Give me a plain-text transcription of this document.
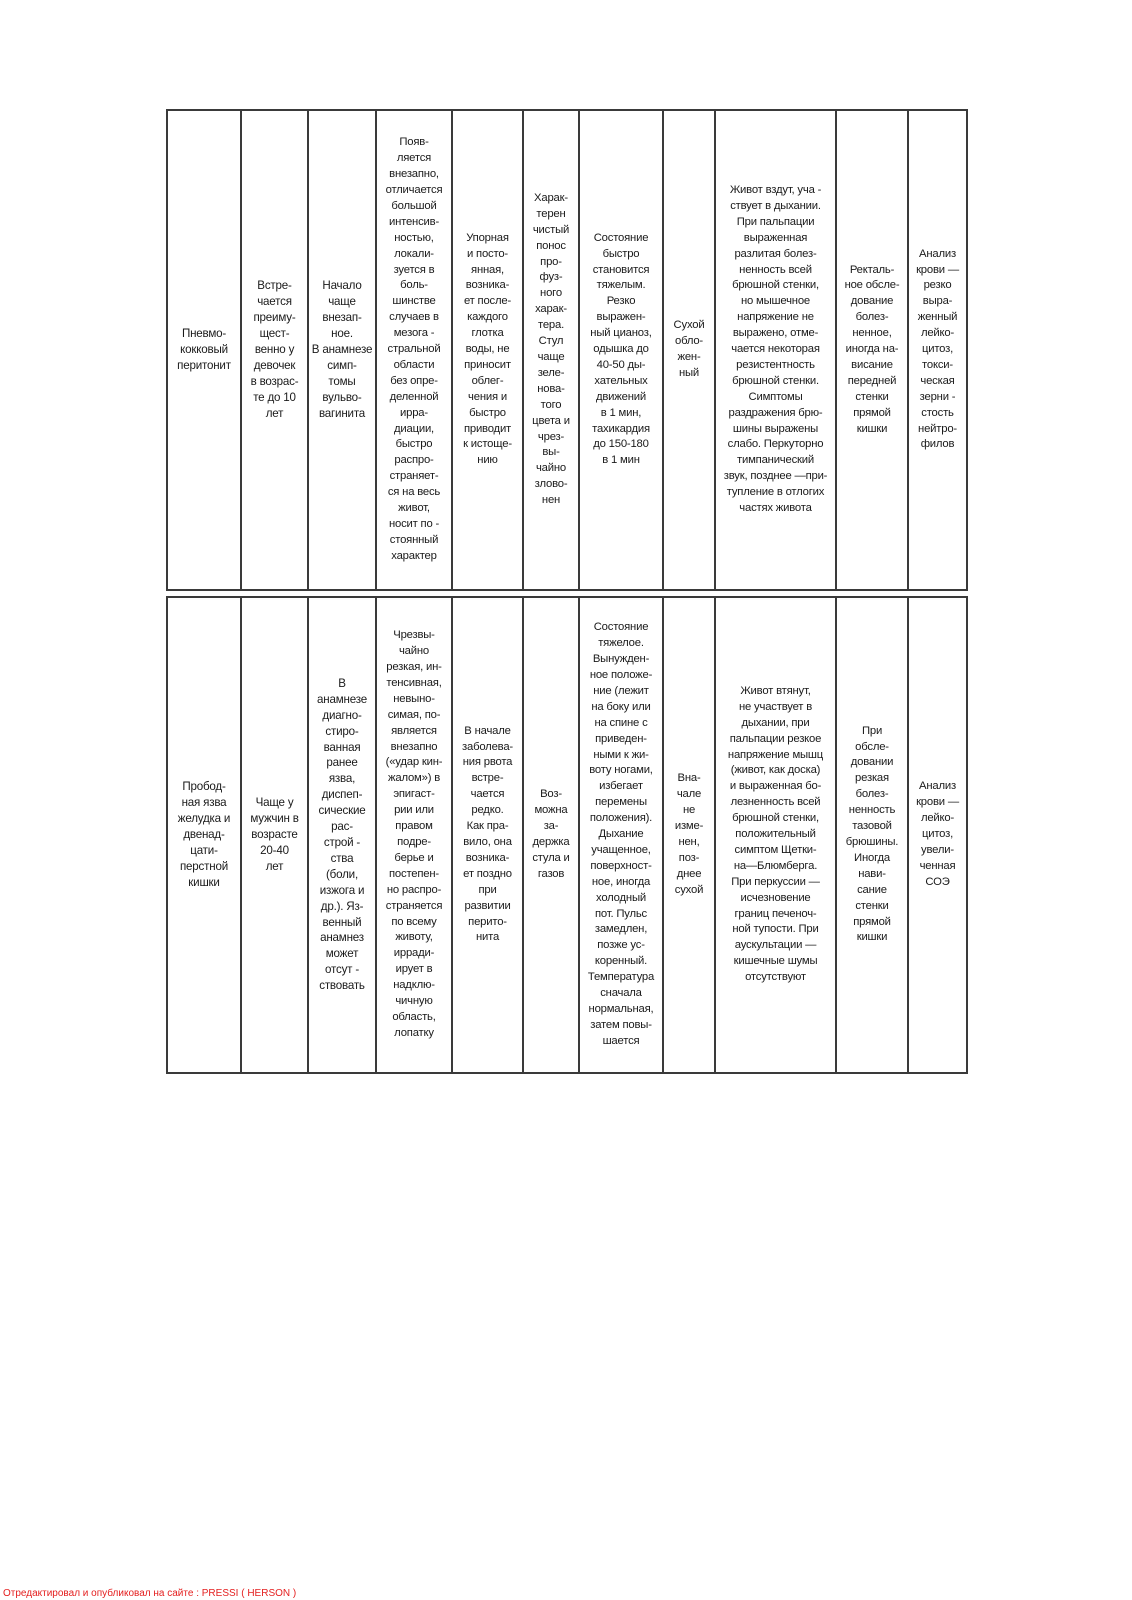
Пневмо-
кокковый
перитонит	Встре-
чается
преиму-
щест-
венно у
девочек
в возрас-
те до 10
лет	Начало
чаще
внезап-
ное.
В анамнезе
симп-
томы
вульво-
вагинита	Появ-
ляется
внезапно,
отличается
большой
интенсив-
ностью,
локали-
зуется в
боль-
шинстве
случаев в
мезога -
стральной
области
без опре-
деленной
ирра-
диации,
быстро
распро-
страняет-
ся на весь
живот,
носит по -
стоянный
характер	Упорная
и посто-
янная,
возника-
ет после-
каждого
глотка
воды, не
приносит
облег-
чения и
быстро
приводит
к истоще-
нию	Харак-
терен
чистый
понос
про-
фуз-
ного
харак-
тера.
Стул
чаще
зеле-
нова-
того
цвета и
чрез-
вы-
чайно
злово-
нен	Состояние
быстро
становится
тяжелым.
Резко
выражен-
ный цианоз,
одышка до
40-50 ды-
хательных
движений
в 1 мин,
тахикардия
до 150-180
в 1 мин	Сухой
обло-
жен-
ный	Живот вздут, уча -
ствует в дыхании.
При пальпации
выраженная
разлитая болез-
ненность всей
брюшной стенки,
но мышечное
напряжение не
выражено, отме-
чается некоторая
резистентность
брюшной стенки.
Симптомы
раздражения брю-
шины выражены
слабо. Перкуторно
тимпанический
звук, позднее —при-
тупление в отлогих
частях живота	Ректаль-
ное обсле-
дование
болез-
ненное,
иногда на-
висание
передней
стенки
прямой
кишки	Анализ
крови —
резко
выра-
женный
лейко-
цитоз,
токси-
ческая
зерни -
стость
нейтро-
филов
Пробод-
ная язва
желудка и
двенад-
цати-
перстной
кишки	Чаще у
мужчин в
возрасте
20-40
лет	В
анамнезе
диагно-
стиро-
ванная
ранее
язва,
диспеп-
сические
рас-
строй -
ства
(боли,
изжога и
др.). Яз-
венный
анамнез
может
отсут -
ствовать	Чрезвы-
чайно
резкая, ин-
тенсивная,
невыно-
симая, по-
является
внезапно
(«удар кин-
жалом») в
эпигаст-
рии или
правом
подре-
берье и
постепен-
но распро-
страняется
по всему
животу,
ирради-
ирует в
надклю-
чичную
область,
лопатку	В начале
заболева-
ния рвота
встре-
чается
редко.
Как пра-
вило, она
возника-
ет поздно
при
развитии
перито-
нита	Воз-
можна
за-
держка
стула и
газов	Состояние
тяжелое.
Вынужден-
ное положе-
ние (лежит
на боку или
на спине с
приведен-
ными к жи-
воту ногами,
избегает
перемены
положения).
Дыхание
учащенное,
поверхност-
ное, иногда
холодный
пот. Пульс
замедлен,
позже ус-
коренный.
Температура
сначала
нормальная,
затем повы-
шается	Вна-
чале
не
изме-
нен,
поз-
днее
сухой	Живот втянут,
не участвует в
дыхании, при
пальпации резкое
напряжение мышц
(живот, как доска)
и выраженная бо-
лезненность всей
брюшной стенки,
положительный
симптом Щетки-
на—Блюмберга.
При перкуссии —
исчезновение
границ печеноч-
ной тупости. При
аускультации —
кишечные шумы
отсутствуют	При
обсле-
довании
резкая
болез-
ненность
тазовой
брюшины.
Иногда
нави-
сание
стенки
прямой
кишки	Анализ
крови —
лейко-
цитоз,
увели-
ченная
СОЭ
Отредактировал и опубликовал на сайте : PRESSI ( HERSON )
